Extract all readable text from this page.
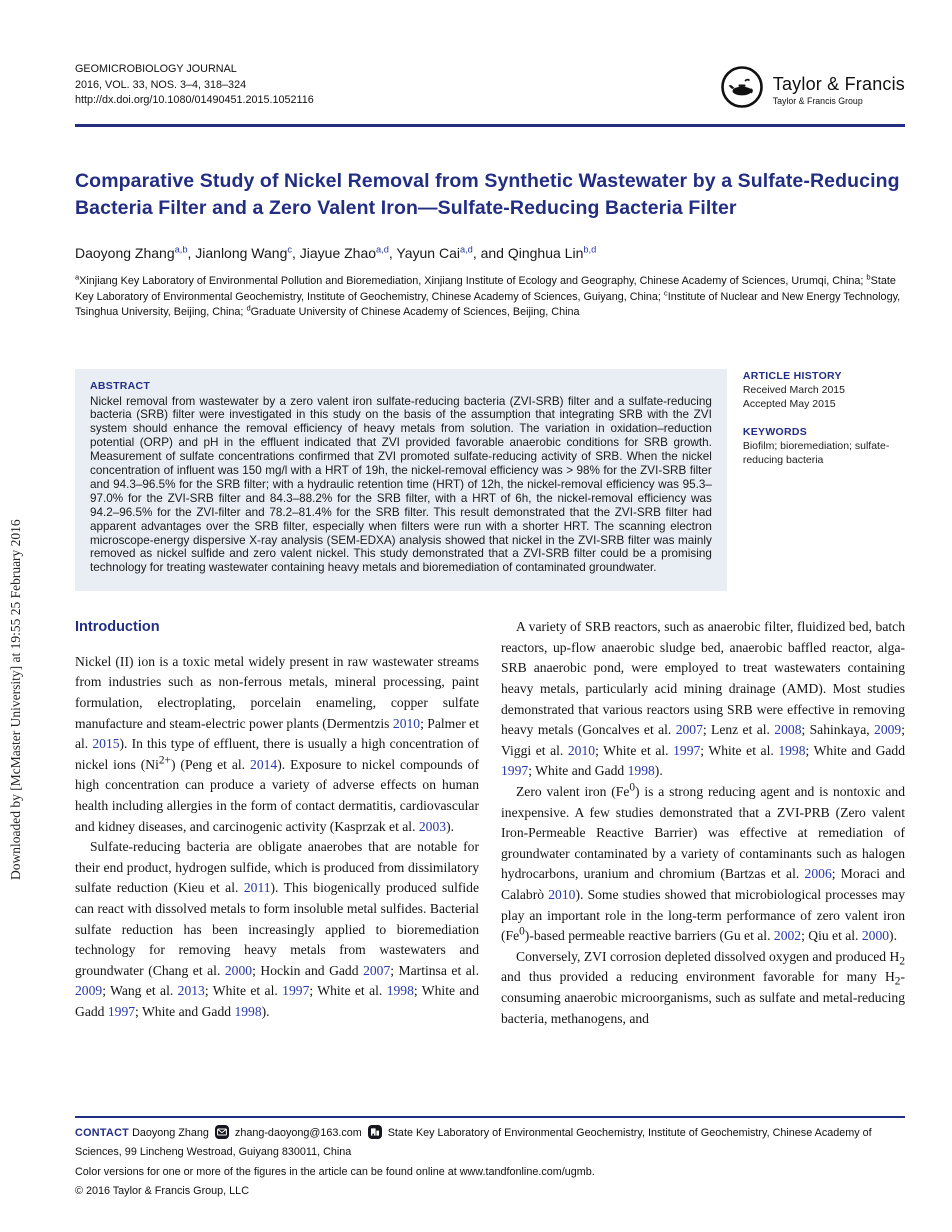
Downloaded by [McMaster University] at 19:55 25 February 2016
GEOMICROBIOLOGY JOURNAL
2016, VOL. 33, NOS. 3–4, 318–324
http://dx.doi.org/10.1080/01490451.2015.1052116
Taylor & Francis
Taylor & Francis Group
Comparative Study of Nickel Removal from Synthetic Wastewater by a Sulfate-Reducing Bacteria Filter and a Zero Valent Iron—Sulfate-Reducing Bacteria Filter
Daoyong Zhang$^{a,b}$, Jianlong Wang$^c$, Jiayue Zhao$^{a,d}$, Yayun Cai$^{a,d}$, and Qinghua Lin$^{b,d}$
$^a$Xinjiang Key Laboratory of Environmental Pollution and Bioremediation, Xinjiang Institute of Ecology and Geography, Chinese Academy of Sciences, Urumqi, China; $^b$State Key Laboratory of Environmental Geochemistry, Institute of Geochemistry, Chinese Academy of Sciences, Guiyang, China; $^c$Institute of Nuclear and New Energy Technology, Tsinghua University, Beijing, China; $^d$Graduate University of Chinese Academy of Sciences, Beijing, China
ABSTRACT
Nickel removal from wastewater by a zero valent iron sulfate-reducing bacteria (ZVI-SRB) filter and a sulfate-reducing bacteria (SRB) filter were investigated in this study on the basis of the assumption that integrating SRB with the ZVI system should enhance the removal efficiency of heavy metals from solution. The variation in oxidation–reduction potential (ORP) and pH in the effluent indicated that ZVI provided favorable anaerobic conditions for SRB growth. Measurement of sulfate concentrations confirmed that ZVI promoted sulfate-reducing activity of SRB. When the nickel concentration of influent was 150 mg/l with a HRT of 19h, the nickel-removal efficiency was > 98% for the ZVI-SRB filter and 94.3–96.5% for the SRB filter; with a hydraulic retention time (HRT) of 12h, the nickel-removal efficiency was 95.3–97.0% for the ZVI-SRB filter and 84.3–88.2% for the SRB filter, with a HRT of 6h, the nickel-removal efficiency was 94.2–96.5% for the ZVI-filter and 78.2–81.4% for the SRB filter. This result demonstrated that the ZVI-SRB filter had apparent advantages over the SRB filter, especially when filters were run with a shorter HRT. The scanning electron microscope-energy dispersive X-ray analysis (SEM-EDXA) analysis showed that nickel in the ZVI-SRB filter was mainly removed as nickel sulfide and zero valent nickel. This study demonstrated that a ZVI-SRB filter could be a promising technology for treating wastewater containing heavy metals and bioremediation of contaminated groundwater.
ARTICLE HISTORY
Received March 2015
Accepted May 2015
KEYWORDS
Biofilm; bioremediation; sulfate-reducing bacteria
Introduction

Nickel (II) ion is a toxic metal widely present in raw wastewater streams from industries such as non-ferrous metals, mineral processing, paint formulation, electroplating, porcelain enameling, copper sulfate manufacture and steam-electric power plants (Dermentzis 2010; Palmer et al. 2015). In this type of effluent, there is usually a high concentration of nickel ions $(Ni^{2+})$ (Peng et al. 2014). Exposure to nickel compounds of high concentration can produce a variety of adverse effects on human health including allergies in the form of contact dermatitis, cardiovascular and kidney diseases, and carcinogenic activity (Kasprzak et al. 2003).

Sulfate-reducing bacteria are obligate anaerobes that are notable for their end product, hydrogen sulfide, which is produced from dissimilatory sulfate reduction (Kieu et al. 2011). This biogenically produced sulfide can react with dissolved metals to form insoluble metal sulfides. Bacterial sulfate reduction has been increasingly applied to bioremediation technology for removing heavy metals from wastewaters and groundwater (Chang et al. 2000; Hockin and Gadd 2007; Martinsa et al. 2009; Wang et al. 2013; White et al. 1997; White et al. 1998; White and Gadd 1997; White and Gadd 1998).

A variety of SRB reactors, such as anaerobic filter, fluidized bed, batch reactors, up-flow anaerobic sludge bed, anaerobic baffled reactor, alga-SRB anaerobic pond, were employed to treat wastewaters containing heavy metals, particularly acid mining drainage (AMD). Most studies demonstrated that various reactors using SRB were effective in removing heavy metals (Goncalves et al. 2007; Lenz et al. 2008; Sahinkaya, 2009; Viggi et al. 2010; White et al. 1997; White et al. 1998; White and Gadd 1997; White and Gadd 1998).

Zero valent iron (Fe$^0$) is a strong reducing agent and is nontoxic and inexpensive. A few studies demonstrated that a ZVI-PRB (Zero valent Iron-Permeable Reactive Barrier) was effective at remediation of groundwater contaminated by a variety of contaminants such as halogen hydrocarbons, uranium and chromium (Bartzas et al. 2006; Moraci and Calabrò 2010). Some studies showed that microbiological processes may play an important role in the long-term performance of zero valent iron (Fe$^0$)-based permeable reactive barriers (Gu et al. 2002; Qiu et al. 2000).

Conversely, ZVI corrosion depleted dissolved oxygen and produced $H_2$ and thus provided a reducing environment favorable for many $H_2$-consuming anaerobic microorganisms, such as sulfate and metal-reducing bacteria, methanogens, and

CONTACT Daoyong Zhang zhang-daoyong@163.com State Key Laboratory of Environmental Geochemistry, Institute of Geochemistry, Chinese Academy of Sciences, 99 Lincheng Westroad, Guiyang 830011, China
Color versions for one or more of the figures in the article can be found online at www.tandfonline.com/ugmb.
© 2016 Taylor & Francis Group, LLC
